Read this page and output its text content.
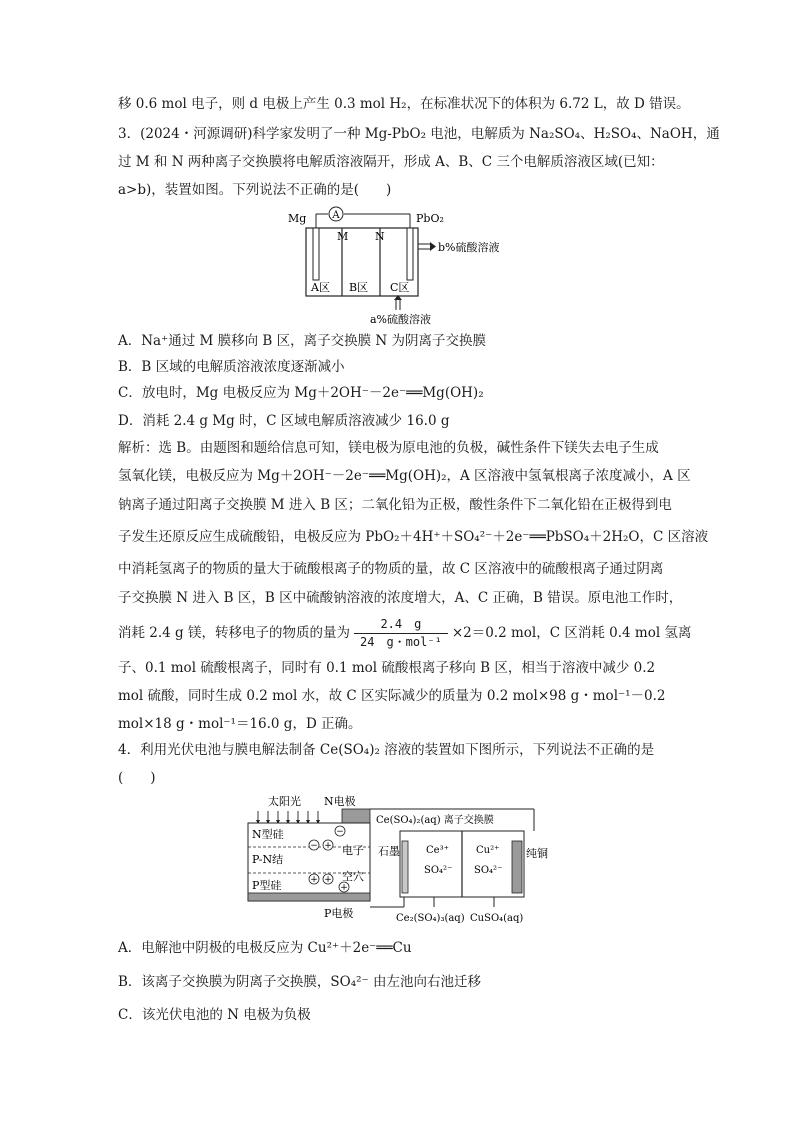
移 0.6 mol 电子，则 d 电极上产生 0.3 mol H₂，在标准状况下的体积为 6.72 L，故 D 错误。
3．(2024・河源调研)科学家发明了一种 Mg-PbO₂ 电池，电解质为 Na₂SO₄、H₂SO₄、NaOH，通
过 M 和 N 两种离子交换膜将电解质溶液隔开，形成 A、B、C 三个电解质溶液区域(已知：
a>b)，装置如图。下列说法不正确的是(　　)
A
Mg	PbO₂
M N
A区 B区 C区
b%硫酸溶液
a%硫酸溶液
A．Na⁺通过 M 膜移向 B 区，离子交换膜 N 为阴离子交换膜
B．B 区域的电解质溶液浓度逐渐减小
C．放电时，Mg 电极反应为 Mg＋2OH⁻－2e⁻══Mg(OH)₂
D．消耗 2.4 g Mg 时，C 区域电解质溶液减少 16.0 g
解析：选 B。由题图和题给信息可知，镁电极为原电池的负极，碱性条件下镁失去电子生成
氢氧化镁，电极反应为 Mg＋2OH⁻－2e⁻══Mg(OH)₂，A 区溶液中氢氧根离子浓度减小，A 区
钠离子通过阳离子交换膜 M 进入 B 区；二氧化铅为正极，酸性条件下二氧化铅在正极得到电
子发生还原反应生成硫酸铅，电极反应为 PbO₂＋4H⁺＋SO₄²⁻＋2e⁻══PbSO₄＋2H₂O，C 区溶液
中消耗氢离子的物质的量大于硫酸根离子的物质的量，故 C 区溶液中的硫酸根离子通过阴离
子交换膜 N 进入 B 区，B 区中硫酸钠溶液的浓度增大，A、C 正确，B 错误。原电池工作时，
消耗 2.4 g 镁，转移电子的物质的量为 $\frac{2.4 g}{\text{24　g・mol⁻¹}} \times 2=0.2$ mol，C 区消耗 0.4 mol 氢离
子、0.1 mol 硫酸根离子，同时有 0.1 mol 硫酸根离子移向 B 区，相当于溶液中减少 0.2
mol 硫酸，同时生成 0.2 mol 水，故 C 区实际减少的质量为 0.2 mol×98 g・mol⁻¹－0.2
mol×18 g・mol⁻¹＝16.0 g，D 正确。
4．利用光伏电池与膜电解法制备 Ce(SO₄)₂ 溶液的装置如下图所示，下列说法不正确的是
(　　)
太阳光 N电极
N型硅
P-N结
P型硅
P电极
−
− +
+ +
+
电子
空穴
Ce(SO₄)₂(aq) 离子交换膜
石墨	Ce³⁺
SO₄²⁻
Cu²⁺
SO₄²⁻
纯铜
Ce₂(SO₄)₃(aq) CuSO₄(aq)
A．电解池中阴极的电极反应为 Cu²⁺＋2e⁻══Cu
B．该离子交换膜为阴离子交换膜，SO₄²⁻ 由左池向右池迁移
C．该光伏电池的 N 电极为负极
